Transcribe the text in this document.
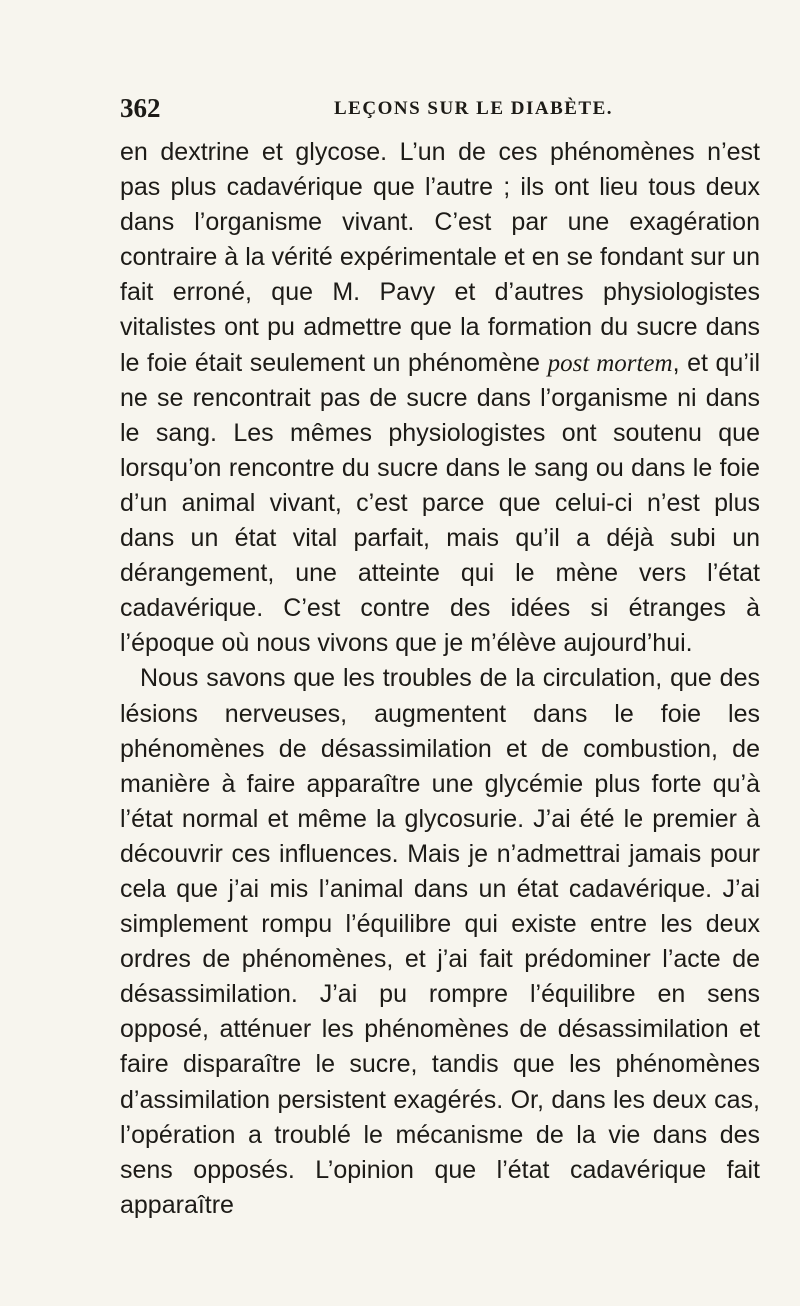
362	LEÇONS SUR LE DIABÈTE.

en dextrine et glycose. L’un de ces phénomènes n’est pas plus cadavérique que l’autre ; ils ont lieu tous deux dans l’organisme vivant. C’est par une exagération contraire à la vérité expérimentale et en se fondant sur un fait erroné, que M. Pavy et d’autres physiologistes vitalistes ont pu admettre que la formation du sucre dans le foie était seulement un phénomène post mortem, et qu’il ne se rencontrait pas de sucre dans l’organisme ni dans le sang. Les mêmes physiologistes ont soutenu que lorsqu’on rencontre du sucre dans le sang ou dans le foie d’un animal vivant, c’est parce que celui-ci n’est plus dans un état vital parfait, mais qu’il a déjà subi un dérangement, une atteinte qui le mène vers l’état cadavérique. C’est contre des idées si étranges à l’époque où nous vivons que je m’élève aujourd’hui.

Nous savons que les troubles de la circulation, que des lésions nerveuses, augmentent dans le foie les phénomènes de désassimilation et de combustion, de manière à faire apparaître une glycémie plus forte qu’à l’état normal et même la glycosurie. J’ai été le premier à découvrir ces influences. Mais je n’admettrai jamais pour cela que j’ai mis l’animal dans un état cadavérique. J’ai simplement rompu l’équilibre qui existe entre les deux ordres de phénomènes, et j’ai fait prédominer l’acte de désassimilation. J’ai pu rompre l’équilibre en sens opposé, atténuer les phénomènes de désassimilation et faire disparaître le sucre, tandis que les phénomènes d’assimilation persistent exagérés. Or, dans les deux cas, l’opération a troublé le mécanisme de la vie dans des sens opposés. L’opinion que l’état cadavérique fait apparaître
